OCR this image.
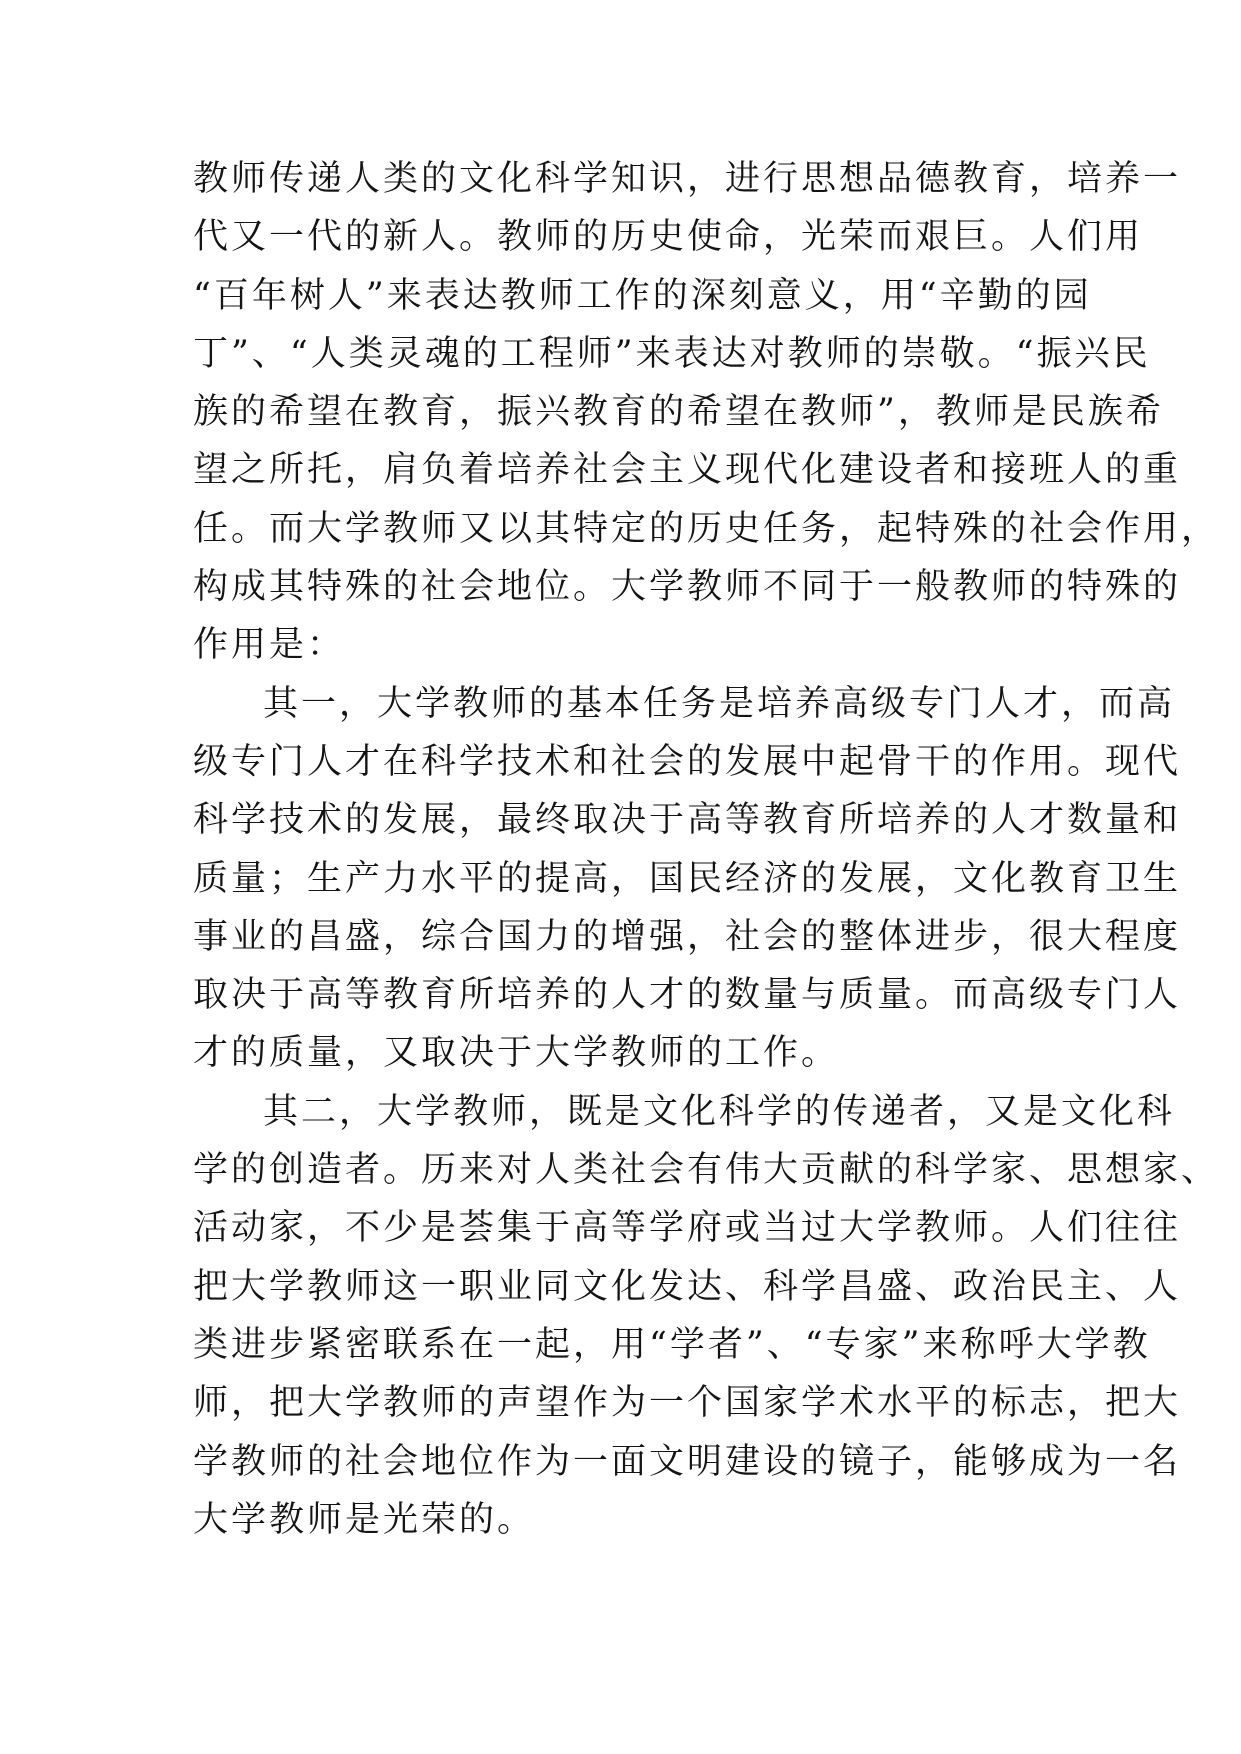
教师传递人类的文化科学知识，进行思想品德教育，培养一
代又一代的新人。教师的历史使命，光荣而艰巨。人们用
“百年树人”来表达教师工作的深刻意义，用“辛勤的园
丁”、“人类灵魂的工程师”来表达对教师的崇敬。“振兴民
族的希望在教育，振兴教育的希望在教师”，教师是民族希
望之所托，肩负着培养社会主义现代化建设者和接班人的重
任。而大学教师又以其特定的历史任务，起特殊的社会作用，
构成其特殊的社会地位。大学教师不同于一般教师的特殊的
作用是：
其一，大学教师的基本任务是培养高级专门人才，而高
级专门人才在科学技术和社会的发展中起骨干的作用。现代
科学技术的发展，最终取决于高等教育所培养的人才数量和
质量；生产力水平的提高，国民经济的发展，文化教育卫生
事业的昌盛，综合国力的增强，社会的整体进步，很大程度
取决于高等教育所培养的人才的数量与质量。而高级专门人
才的质量，又取决于大学教师的工作。
其二，大学教师，既是文化科学的传递者，又是文化科
学的创造者。历来对人类社会有伟大贡献的科学家、思想家、
活动家，不少是荟集于高等学府或当过大学教师。人们往往
把大学教师这一职业同文化发达、科学昌盛、政治民主、人
类进步紧密联系在一起，用“学者”、“专家”来称呼大学教
师，把大学教师的声望作为一个国家学术水平的标志，把大
学教师的社会地位作为一面文明建设的镜子，能够成为一名
大学教师是光荣的。
